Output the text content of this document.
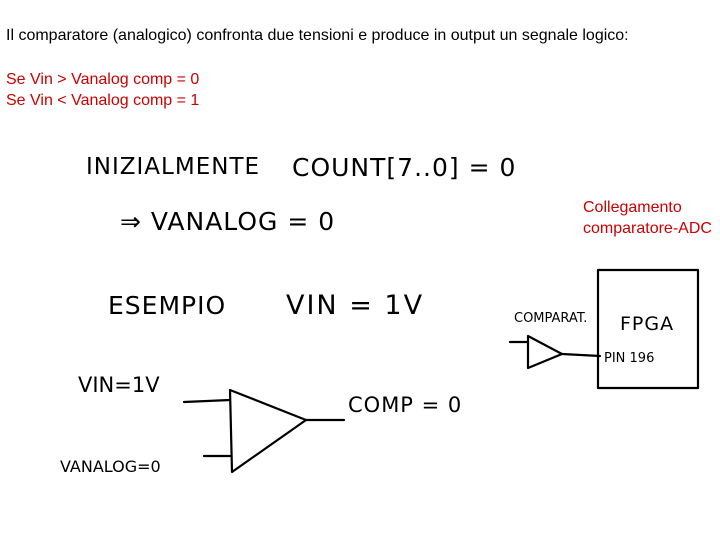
Il comparatore (analogico) confronta due tensioni e produce in output un segnale logico:
Se Vin > Vanalog comp = 0
Se Vin < Vanalog comp = 1
Collegamento comparatore-ADC
INIZIALMENTE COUNT[7..0] = 0
⇒ VANALOG = 0
ESEMPIO VIN = 1V
VIN=1V
VANALOG=0
COMP = 0
COMPARAT. FPGA
PIN 196
